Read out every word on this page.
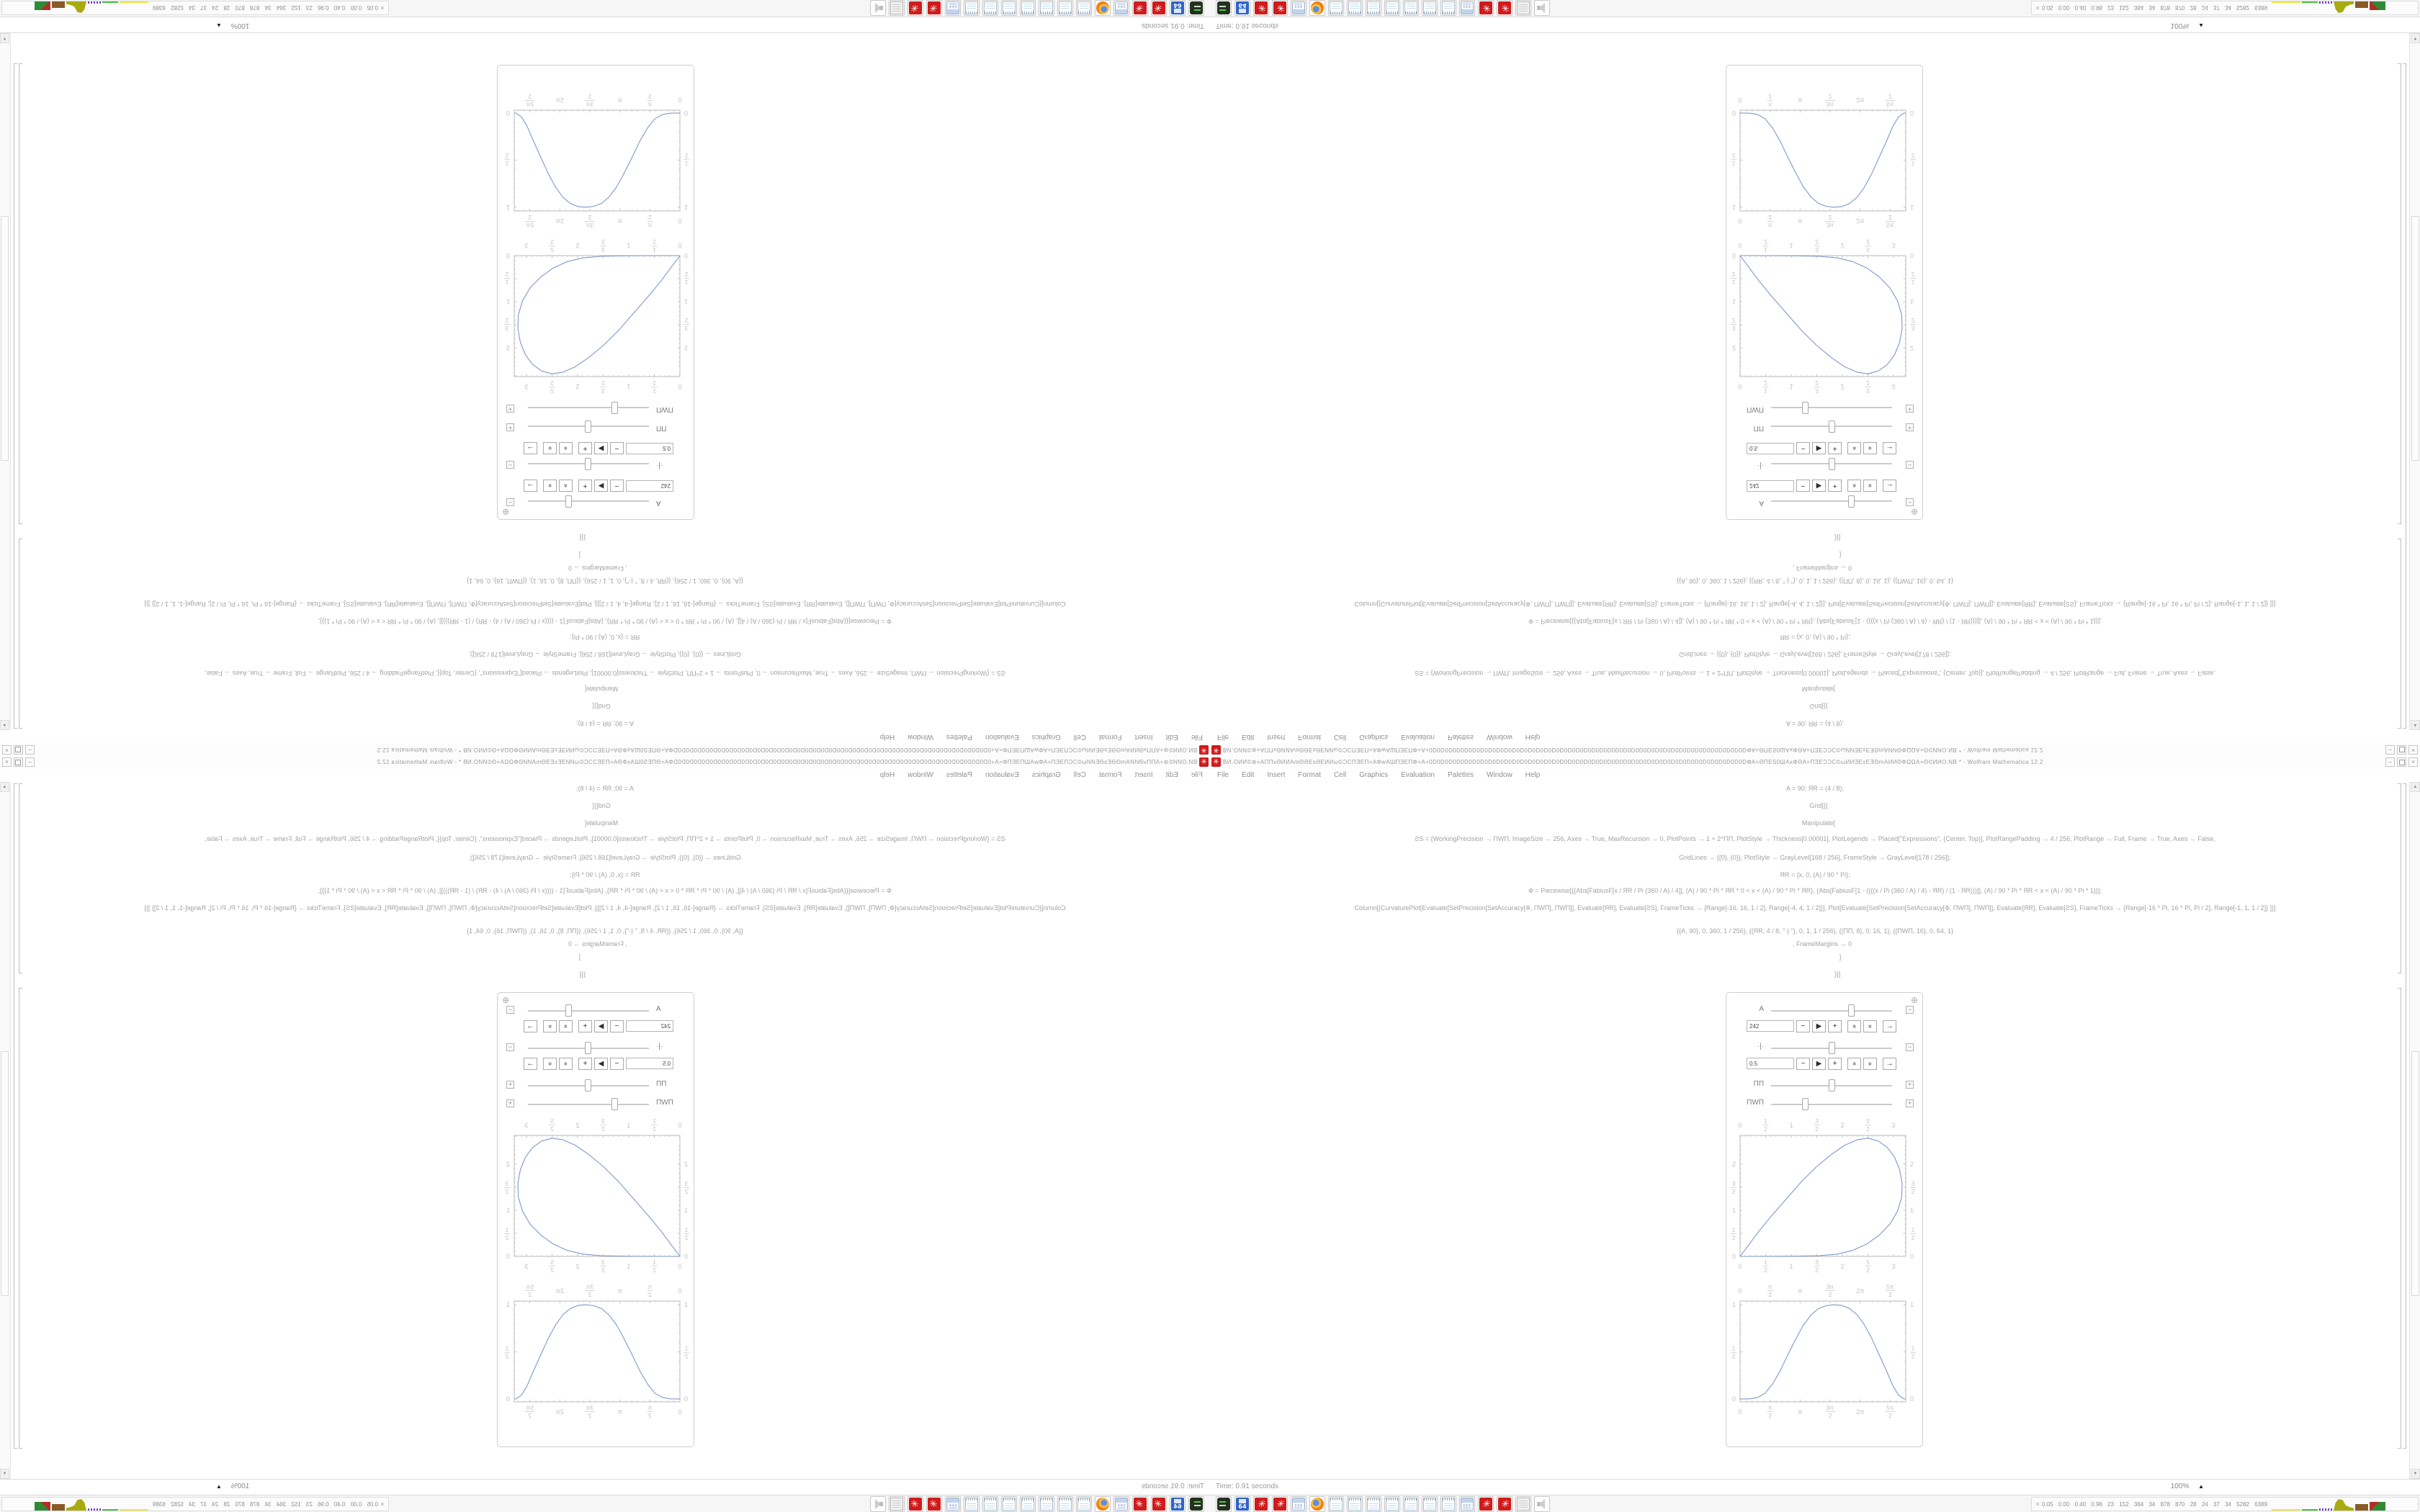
✳
ВИ.ОИИ©⊛+ΑΠΠvƏИИΑmΘƏЕѕƏЕИИω©ƆСΠƎЕΠ=ΑΦwΑШΠƎЕΠΦ=Α+0D0D0D0D0D0D0D0D0D0D0D0D0D0D0D0D0D0D0D0D0D0D0D0D0D0D0D0D0D0D0D0D0D0D0D0D0D0D0D0DΦΑ=ƏΠЕЅ0ШΑxΦƏΑ=ΠƎЕƆƆС©ωИИƎЕxЕƎΘmΑИИΘΦΩΩΑ+Θ©ИИО.NB * - Wolfram Mathematica 12.2
–
×
File
Edit
Insert
Format
Cell
Graphics
Evaluation
Palettes
Window
Help
A = 90; ЯR = (4 / 8);
Grid[{{
Manipulate[
ƧS = {WorkingPrecision → ПWП, ImageSize → 256, Axes → True, MaxRecursion → 0, PlotPoints → 1 + 2^ПП, PlotStyle → Thickness[0.00001], PlotLegends → Placed["Expressions", {Center, Top}], PlotRangePadding → 4 / 256, PlotRange → Full, Frame → True, Axes → False,
GridLines → {{0}, {0}}, PlotStyle → GrayLevel[168 / 256], FrameStyle → GrayLevel[178 / 256]};
ЯR = {x, 0, (A) / 90 * Pi};
Ф = Piecewise[{{Abs[FabiusF[x / ЯR / Pi (360 / A) / 4]], (A) / 90 * Pi * ЯR * 0 < x < (A) / 90 * Pi * ЯR}, {Abs[FabiusF[1 - ((((x / Pi (360 / A) / 4) - ЯR) / (1 - ЯR)))]], (A) / 90 * Pi * ЯR < x < (A) / 90 * Pi * 1}}];
Column[{CurvaturePlot[Evaluate[SetPrecision[SetAccuracy[Ф, ПWП], ПWП]], Evaluate[ЯR], Evaluate[ƧS], FrameTicks → {Range[-16, 16, 1 / 2], Range[-4, 4, 1 / 2]}], Plot[Evaluate[SetPrecision[SetAccuracy[Ф, ПWП], ПWП]], Evaluate[ЯR], Evaluate[ƧS], FrameTicks → {Range[-16 * Pi, 16 * Pi, Pi / 2], Range[-1, 1, 1 / 2]} ]}]
{{A, 90}, 0, 360, 1 / 256}, {{ЯR, 4 / 8, "·|·"}, 0, 1, 1 / 256}, {{ПП, 8}, 0, 16, 1}, {{ПWП, 16}, 0, 64, 1}
, FrameMargins → 0
]
}}]
⊕
A
−
242
−
▶
+
»
»
→
·|·
−
0.5
−
▶
+
»
»
→
ПП
+
ПWП
+
0
0
1
2
1
2
1
1
3
2
3
2
2
2
5
2
5
2
3
3
0
0
1
2
1
2
1
1
3
2
3
2
2
2
0
0
π
2
π
2
π
π
3π
2
3π
2
2π
2π
5π
2
5π
2
0
0
1
2
1
2
1
1
▲
▼
Time: 0.91 seconds
100% ▲
64
✳
✳
✳
✳
»
0.05 0.00 0.40 0.96 23 152 364 34 878 870 28 24 37 34 5282 6389
✳ ВИ.ОИИ©⊛+ΑΠΠvƏИИΑmΘƏЕѕƏЕИИω©ƆСΠƎЕΠ=ΑΦwΑШΠƎЕΠΦ=Α+0D0D0D0D0D0D0D0D0D0D0D0D0D0D0D0D0D0D0D0D0D0D0D0D0D0D0D0D0D0D0D0D0D0D0D0D0D0D0D0DΦΑ=ƏΠЕЅ0ШΑxΦƏΑ=ΠƎЕƆƆС©ωИИƎЕxЕƎΘmΑИИΘΦΩΩΑ+Θ©ИИО.NB * - Wolfram Mathematica 12.2	–	×
File Edit Insert Format Cell Graphics Evaluation Palettes Window Help
A = 90; ЯR = (4 / 8);
Grid[{{
Manipulate[
ƧS = {WorkingPrecision → ПWП, ImageSize → 256, Axes → True, MaxRecursion → 0, PlotPoints → 1 + 2^ПП, PlotStyle → Thickness[0.00001], PlotLegends → Placed["Expressions", {Center, Top}], PlotRangePadding → 4 / 256, PlotRange → Full, Frame → True, Axes → False,
GridLines → {{0}, {0}}, PlotStyle → GrayLevel[168 / 256], FrameStyle → GrayLevel[178 / 256]};
ЯR = {x, 0, (A) / 90 * Pi};
Ф = Piecewise[{{Abs[FabiusF[x / ЯR / Pi (360 / A) / 4]], (A) / 90 * Pi * ЯR * 0 < x < (A) / 90 * Pi * ЯR}, {Abs[FabiusF[1 - ((((x / Pi (360 / A) / 4) - ЯR) / (1 - ЯR)))]], (A) / 90 * Pi * ЯR < x < (A) / 90 * Pi * 1}}];
Column[{CurvaturePlot[Evaluate[SetPrecision[SetAccuracy[Ф, ПWП], ПWП]], Evaluate[ЯR], Evaluate[ƧS], FrameTicks → {Range[-16, 16, 1 / 2], Range[-4, 4, 1 / 2]}], Plot[Evaluate[SetPrecision[SetAccuracy[Ф, ПWП], ПWП]], Evaluate[ЯR], Evaluate[ƧS], FrameTicks → {Range[-16 * Pi, 16 * Pi, Pi / 2], Range[-1, 1, 1 / 2]} ]}]
{{A, 90}, 0, 360, 1 / 256}, {{ЯR, 4 / 8, "·|·"}, 0, 1, 1 / 256}, {{ПП, 8}, 0, 16, 1}, {{ПWП, 16}, 0, 64, 1}
, FrameMargins → 0
]
}}]
⊕
A	−
242	−	▶	+	»	»	→
·|·	−
0.5	−	▶	+	»	»	→
ПП	+
ПWП	+
0
0
1
2
1
2
1
1
3
2
3
2
2
2
5
2
5
2
3
3
0	0
1
2
1
2
1	1
3
2
3
2
2	2
0
0
π
2
π
2
π
π
3π
2
3π
2
2π
2π
5π
2
5π
2
0	0
1
2
1
2
1	1
▲
▼
Time: 0.91 seconds	100% ▲
64
✳
✳
✳
✳
» 0.05 0.00 0.40 0.96 23 152 364 34 878 870 28 24 37 34 5282 6389
✳
ВИ.ОИИ©⊛+ΑΠΠvƏИИΑmΘƏЕѕƏЕИИω©ƆСΠƎЕΠ=ΑΦwΑШΠƎЕΠΦ=Α+0D0D0D0D0D0D0D0D0D0D0D0D0D0D0D0D0D0D0D0D0D0D0D0D0D0D0D0D0D0D0D0D0D0D0D0D0D0D0D0DΦΑ=ƏΠЕЅ0ШΑxΦƏΑ=ΠƎЕƆƆС©ωИИƎЕxЕƎΘmΑИИΘΦΩΩΑ+Θ©ИИО.NB * - Wolfram Mathematica 12.2
–
×
File
Edit
Insert
Format
Cell
Graphics
Evaluation
Palettes
Window
Help
A = 90; ЯR = (4 / 8);
Grid[{{
Manipulate[
ƧS = {WorkingPrecision → ПWП, ImageSize → 256, Axes → True, MaxRecursion → 0, PlotPoints → 1 + 2^ПП, PlotStyle → Thickness[0.00001], PlotLegends → Placed["Expressions", {Center, Top}], PlotRangePadding → 4 / 256, PlotRange → Full, Frame → True, Axes → False,
GridLines → {{0}, {0}}, PlotStyle → GrayLevel[168 / 256], FrameStyle → GrayLevel[178 / 256]};
ЯR = {x, 0, (A) / 90 * Pi};
Ф = Piecewise[{{Abs[FabiusF[x / ЯR / Pi (360 / A) / 4]], (A) / 90 * Pi * ЯR * 0 < x < (A) / 90 * Pi * ЯR}, {Abs[FabiusF[1 - ((((x / Pi (360 / A) / 4) - ЯR) / (1 - ЯR)))]], (A) / 90 * Pi * ЯR < x < (A) / 90 * Pi * 1}}];
Column[{CurvaturePlot[Evaluate[SetPrecision[SetAccuracy[Ф, ПWП], ПWП]], Evaluate[ЯR], Evaluate[ƧS], FrameTicks → {Range[-16, 16, 1 / 2], Range[-4, 4, 1 / 2]}], Plot[Evaluate[SetPrecision[SetAccuracy[Ф, ПWП], ПWП]], Evaluate[ЯR], Evaluate[ƧS], FrameTicks → {Range[-16 * Pi, 16 * Pi, Pi / 2], Range[-1, 1, 1 / 2]} ]}]
{{A, 90}, 0, 360, 1 / 256}, {{ЯR, 4 / 8, "·|·"}, 0, 1, 1 / 256}, {{ПП, 8}, 0, 16, 1}, {{ПWП, 16}, 0, 64, 1}
, FrameMargins → 0
]
}}]
⊕
A
−
242
−
▶
+
»
»
→
·|·
−
0.5
−
▶
+
»
»
→
ПП
+
ПWП
+
0
0
1
2
1
2
1
1
3
2
3
2
2
2
5
2
5
2
3
3
0
0
1
2
1
2
1
1
3
2
3
2
2
2
0
0
π
2
π
2
π
π
3π
2
3π
2
2π
2π
5π
2
5π
2
0
0
1
2
1
2
1
1
▲
▼
Time: 0.91 seconds
100% ▲
64
✳
✳
✳
✳
»
0.05 0.00 0.40 0.96 23 152 364 34 878 870 28 24 37 34 5282 6389
✳ ВИ.ОИИ©⊛+ΑΠΠvƏИИΑmΘƏЕѕƏЕИИω©ƆСΠƎЕΠ=ΑΦwΑШΠƎЕΠΦ=Α+0D0D0D0D0D0D0D0D0D0D0D0D0D0D0D0D0D0D0D0D0D0D0D0D0D0D0D0D0D0D0D0D0D0D0D0D0D0D0D0DΦΑ=ƏΠЕЅ0ШΑxΦƏΑ=ΠƎЕƆƆС©ωИИƎЕxЕƎΘmΑИИΘΦΩΩΑ+Θ©ИИО.NB * - Wolfram Mathematica 12.2	–	×
File Edit Insert Format Cell Graphics Evaluation Palettes Window Help
A = 90; ЯR = (4 / 8);
Grid[{{
Manipulate[
ƧS = {WorkingPrecision → ПWП, ImageSize → 256, Axes → True, MaxRecursion → 0, PlotPoints → 1 + 2^ПП, PlotStyle → Thickness[0.00001], PlotLegends → Placed["Expressions", {Center, Top}], PlotRangePadding → 4 / 256, PlotRange → Full, Frame → True, Axes → False,
GridLines → {{0}, {0}}, PlotStyle → GrayLevel[168 / 256], FrameStyle → GrayLevel[178 / 256]};
ЯR = {x, 0, (A) / 90 * Pi};
Ф = Piecewise[{{Abs[FabiusF[x / ЯR / Pi (360 / A) / 4]], (A) / 90 * Pi * ЯR * 0 < x < (A) / 90 * Pi * ЯR}, {Abs[FabiusF[1 - ((((x / Pi (360 / A) / 4) - ЯR) / (1 - ЯR)))]], (A) / 90 * Pi * ЯR < x < (A) / 90 * Pi * 1}}];
Column[{CurvaturePlot[Evaluate[SetPrecision[SetAccuracy[Ф, ПWП], ПWП]], Evaluate[ЯR], Evaluate[ƧS], FrameTicks → {Range[-16, 16, 1 / 2], Range[-4, 4, 1 / 2]}], Plot[Evaluate[SetPrecision[SetAccuracy[Ф, ПWП], ПWП]], Evaluate[ЯR], Evaluate[ƧS], FrameTicks → {Range[-16 * Pi, 16 * Pi, Pi / 2], Range[-1, 1, 1 / 2]} ]}]
{{A, 90}, 0, 360, 1 / 256}, {{ЯR, 4 / 8, "·|·"}, 0, 1, 1 / 256}, {{ПП, 8}, 0, 16, 1}, {{ПWП, 16}, 0, 64, 1}
, FrameMargins → 0
]
}}]
⊕
A	−
242	−	▶	+	»	»	→
·|·	−
0.5	−	▶	+	»	»	→
ПП	+
ПWП	+
0
0
1
2
1
2
1
1
3
2
3
2
2
2
5
2
5
2
3
3
0	0
1
2
1
2
1	1
3
2
3
2
2	2
0
0
π
2
π
2
π
π
3π
2
3π
2
2π
2π
5π
2
5π
2
0	0
1
2
1
2
1	1
▲
▼
Time: 0.91 seconds	100% ▲
64
✳
✳
✳
✳
» 0.05 0.00 0.40 0.96 23 152 364 34 878 870 28 24 37 34 5282 6389
